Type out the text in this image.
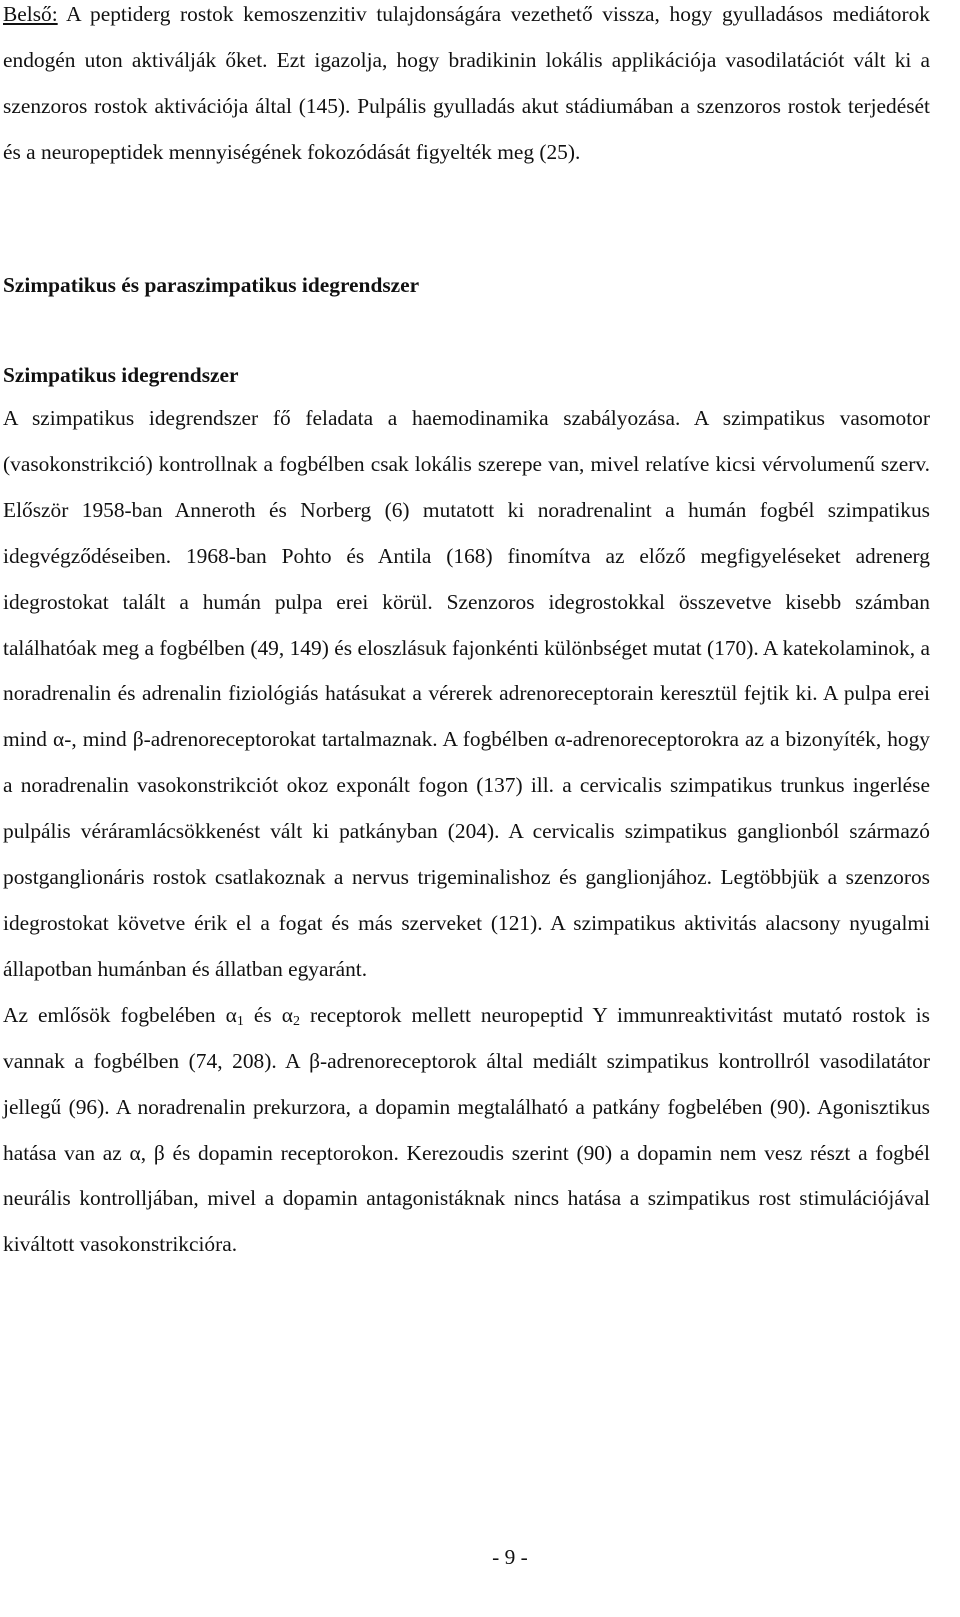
Belső: A peptiderg rostok kemoszenzitiv tulajdonságára vezethető vissza, hogy gyulladásos mediátorok endogén uton aktiválják őket. Ezt igazolja, hogy bradikinin lokális applikációja vasodilatációt vált ki a szenzoros rostok aktivációja által (145). Pulpális gyulladás akut stádiumában a szenzoros rostok terjedését és a neuropeptidek mennyiségének fokozódását figyelték meg (25).

Szimpatikus és paraszimpatikus idegrendszer

Szimpatikus idegrendszer

A szimpatikus idegrendszer fő feladata a haemodinamika szabályozása. A szimpatikus vasomotor (vasokonstrikció) kontrollnak a fogbélben csak lokális szerepe van, mivel relatíve kicsi vérvolumenű szerv. Először 1958-ban Anneroth és Norberg (6) mutatott ki noradrenalint a humán fogbél szimpatikus idegvégződéseiben. 1968-ban Pohto és Antila (168) finomítva az előző megfigyeléseket adrenerg idegrostokat talált a humán pulpa erei körül. Szenzoros idegrostokkal összevetve kisebb számban találhatóak meg a fogbélben (49, 149) és eloszlásuk fajonkénti különbséget mutat (170). A katekolaminok, a noradrenalin és adrenalin fiziológiás hatásukat a vérerek adrenoreceptorain keresztül fejtik ki. A pulpa erei mind α-, mind β-adrenoreceptorokat tartalmaznak. A fogbélben α-adrenoreceptorokra az a bizonyíték, hogy a noradrenalin vasokonstrikciót okoz exponált fogon (137) ill. a cervicalis szimpatikus trunkus ingerlése pulpális véráramlácsökkenést vált ki patkányban (204). A cervicalis szimpatikus ganglionból származó postganglionáris rostok csatlakoznak a nervus trigeminalishoz és ganglionjához. Legtöbbjük a szenzoros idegrostokat követve érik el a fogat és más szerveket (121). A szimpatikus aktivitás alacsony nyugalmi állapotban humánban és állatban egyaránt.

Az emlősök fogbelében $\alpha_1$ és $\alpha_2$ receptorok mellett neuropeptid Y immunreaktivitást mutató rostok is vannak a fogbélben (74, 208). A β-adrenoreceptorok által mediált szimpatikus kontrollról vasodilatátor jellegű (96). A noradrenalin prekurzora, a dopamin megtalálható a patkány fogbelében (90). Agonisztikus hatása van az α, β és dopamin receptorokon. Kerezoudis szerint (90) a dopamin nem vesz részt a fogbél neurális kontrolljában, mivel a dopamin antagonistáknak nincs hatása a szimpatikus rost stimulációjával kiváltott vasokonstrikcióra.

- 9 -
